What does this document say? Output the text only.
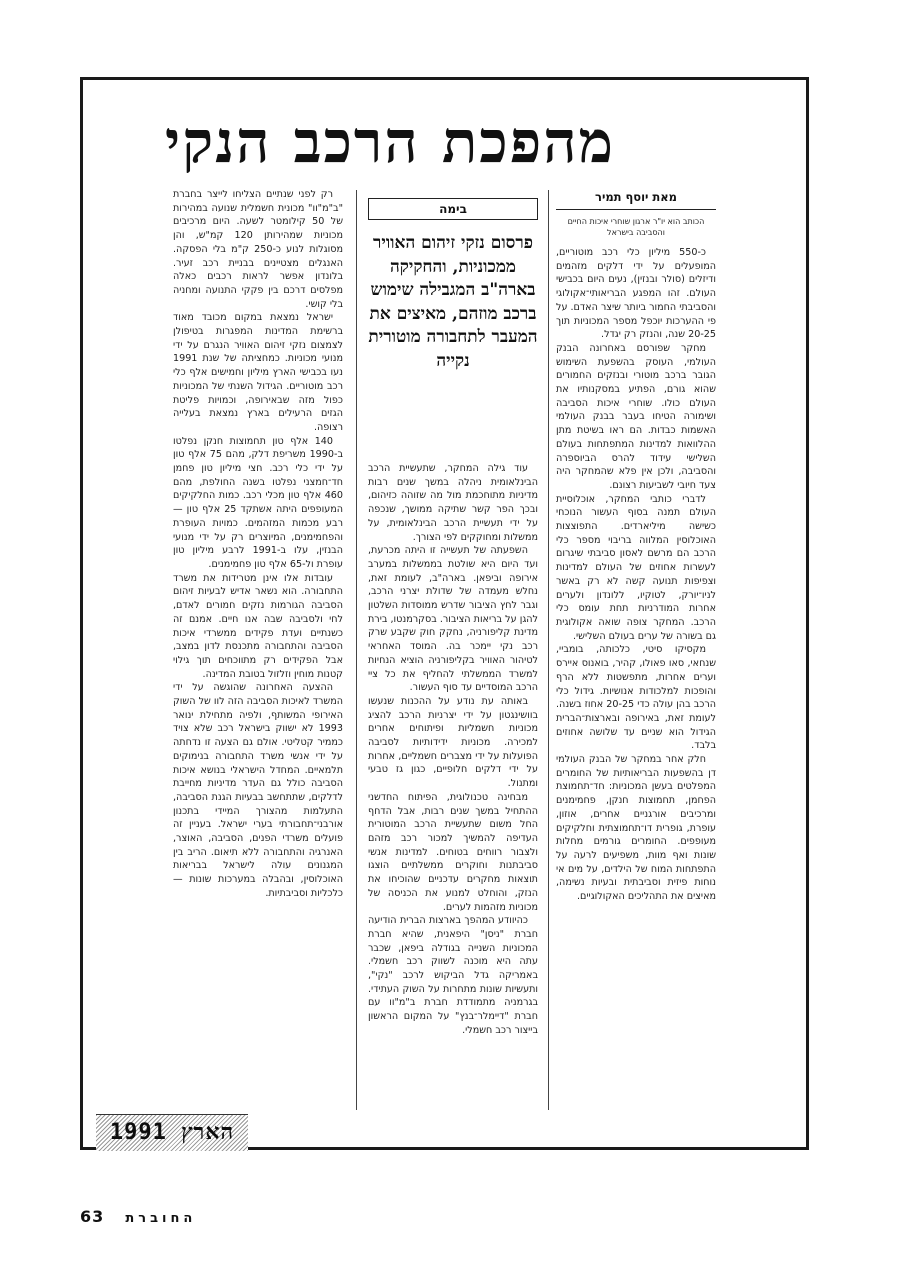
מהפכת הרכב הנקי
מאת יוסף תמיר
הכותב הוא יו"ר ארגון שוחרי איכות החיים והסביבה בישראל
בימה
פרסום נזקי זיהום האוויר ממכוניות, והחקיקה בארה"ב המגבילה שימוש ברכב מוזהם, מאיצים את המעבר לתחבורה מוטורית נקייה

כ-550 מיליון כלי רכב מוטוריים, המופעלים על ידי דלקים מזהמים ודיזלים (סולר ובנזין), נעים היום בכבישי העולם. זהו המפגע הבריאותי־אקולוגי והסביבתי החמור ביותר שיצר האדם. על פי ההערכות יוכפל מספר המכוניות תוך 20-25 שנה, והנזק רק יגדל.

מחקר שפורסם באחרונה הבנק העולמי, העוסק בהשפעת השימוש הגובר ברכב מוטורי ובנזקים החמורים שהוא גורם, הפתיע במסקנותיו את העולם כולו. שוחרי איכות הסביבה ושימורה הטיחו בעבר בבנק העולמי האשמות כבדות. הם ראו בשיטת מתן ההלוואות למדינות המתפתחות בעולם השלישי עידוד להרס הביוספרה והסביבה, ולכן אין פלא שהמחקר היה צעד חיובי לשביעות רצונם.

לדברי כותבי המחקר, אוכלוסיית העולם תמנה בסוף העשור הנוכחי כשישה מיליארדים. התפוצצות האוכלוסין המלווה בריבוי מספר כלי הרכב הם מרשם לאסון סביבתי שיגרום לעשרות אחוזים של העולם למדינות וצפיפות תנועה קשה לא רק באשר לניו־יורק, לטוקיו, ללונדון ולערים אחרות המודרניות תחת עומס כלי הרכב. המחקר צופה שואה אקולוגית גם בשורה של ערים בעולם השלישי.

מקסיקו סיטי, כלכותה, בומביי, שנחאי, סאו פאולו, קהיר, בואנוס איירס וערים אחרות, מתפשטות ללא הרף והופכות למלכודות אנושיות. גידול כלי הרכב בהן עולה כדי 20-25 אחוז בשנה. לעומת זאת, באירופה ובארצות־הברית הגידול הוא שניים עד שלושה אחוזים בלבד.

חלק אחר במחקר של הבנק העולמי דן בהשפעות הבריאותיות של החומרים המפלטים בעשן המכוניות: חד־תחמוצת הפחמן, תחמוצות חנקן, פחמימנים ומרכיבים אורגניים אחרים, אוזון, עופרת, גופרית דו־תחמוצתית וחלקיקים מעופפים. החומרים גורמים מחלות שונות ואף מוות, משפיעים לרעה על התפתחות המוח של הילדים, על מים אי נוחות פיזית וסביבתית ובעיות נשימה, מאיצים את התהליכים האקולוגיים.

עוד גילה המחקר, שתעשיית הרכב הבינלאומית ניהלה במשך שנים רבות מדיניות מתוחכמת מול מה שזוהה כזיהום, ובכך הפר קשר שתיקה ממושך, שנכפה על ידי תעשיית הרכב הבינלאומית, על ממשלות ומחוקקים לפי הצורך.

השפעתה של תעשייה זו היתה מכרעת, ועד היום היא שולטת בממשלות במערב אירופה וביפאן. בארה"ב, לעומת זאת, נחלש מעמדה של שדולת יצרני הרכב, וגבר לחץ הציבור שדרש ממוסדות השלטון להגן על בריאות הציבור. בסקרמנטו, בירת מדינת קליפורניה, נחקק חוק שקבע שרק רכב נקי יימכר בה. המוסד האחראי לטיהור האוויר בקליפורניה הוציא הנחיות למשרד הממשלתי להחליף את כל ציי הרכב המוסדיים עד סוף העשור.

באותה עת נודע על ההכנות שנעשו בוושינגטון על ידי יצרניות הרכב להציג מכוניות חשמליות ופיתוחים אחרים למכירה. מכוניות ידידותיות לסביבה הפועלות על ידי מצברים חשמליים, אחרות על ידי דלקים חלופיים, כגון גז טבעי ומתנול.

מבחינה טכנולוגית, הפיתוח החדשני ההתחיל במשך שנים רבות, אבל הדחף החל משום שתעשיית הרכב המוטורית העדיפה להמשיך למכור רכב מזהם ולצבור רווחים בטוחים. למדינות אנשי סביבתנות וחוקרים ממשלתיים הוצגו תוצאות מחקרים עדכניים שהוכיחו את הנזק, והוחלט למנוע את הכניסה של מכוניות מזהמות לערים.

כהיוודע המהפך בארצות הברית הודיעה חברת "ניסן" היפאנית, שהיא חברת המכוניות השנייה בגודלה ביפאן, שכבר עתה היא מוכנה לשווק רכב חשמלי. באמריקה גדל הביקוש לרכב "נקי", ותעשיות שונות מתחרות על השוק העתידי. בגרמניה מתמודדת חברת ב"מ"וו עם חברת "דיימלר־בנץ" על המקום הראשון בייצור רכב חשמלי.

רק לפני שנתיים הצליחו לייצר בחברת "ב"מ"וו" מכונית חשמלית שנועה במהירות של 50 קילומטר לשעה. היום מרכיבים מכוניות שמהירותן 120 קמ"ש, והן מסוגלות לנוע כ-250 ק"מ בלי הפסקה. האנגלים מצטיינים בבניית רכב זעיר. בלונדון אפשר לראות רכבים כאלה מפלסים דרכם בין פקקי התנועה ומחניה בלי קושי.

ישראל נמצאת במקום מכובד מאוד ברשימת המדינות המפגרות בטיפולן לצמצום נזקי זיהום האוויר הנגרם על ידי מנועי מכוניות. כמחציתה של שנת 1991 נעו בכבישי הארץ מיליון וחמישים אלף כלי רכב מוטוריים. הגידול השנתי של המכוניות כפול מזה שבאירופה, וכמויות פליטת הגזים הרעילים בארץ נמצאת בעלייה רצופה.

140 אלף טון תחמוצות חנקן נפלטו ב-1990 משריפת דלק, מהם 75 אלף טון על ידי כלי רכב. חצי מיליון טון פחמן חד־חמצני נפלטו בשנה החולפת, מהם 460 אלף טון מכלי רכב. כמות החלקיקים המעופפים היתה אשתקד 25 אלף טון — רבע מכמות המזהמים. כמויות העופרת והפחמימנים, המיוצרים רק על ידי מנועי הבנזין, עלו ב-1991 לרבע מיליון טון עופרת ול-65 אלף טון פחמימנים.

עובדות אלו אינן מטרידות את משרד התחבורה. הוא נשאר אדיש לבעיות זיהום הסביבה הגורמות נזקים חמורים לאדם, לחי ולסביבה שבה אנו חיים. אמנם זה כשנתיים ועדת פקידים ממשרדי איכות הסביבה והתחבורה מתכנסת לדון במצב, אבל הפקידים רק מתווכחים תוך גילוי קטנות מוחין וזלזול בטובת המדינה.

ההצעה האחרונה שהוגשה על ידי המשרד לאיכות הסביבה הזה לוו של השוק האירופי המשותף, ולפיה מתחילת ינואר 1993 לא ישווק בישראל רכב שלא צויד כממיר קטליטי. אולם גם הצעה זו נדחתה על ידי אנשי משרד התחבורה בנימוקים תלמאיים. המחדל הישראלי בנושא איכות הסביבה כולל גם העדר מדיניות מחייבת לדלקים, שתתחשב בבעיות הגנת הסביבה, התעלמות מהצורך המיידי בתכנון אורבני־תחבורתי בערי ישראל. בעניין זה פועלים משרדי הפנים, הסביבה, האוצר, האנרגיה והתחבורה ללא תיאום. הריב בין המגנונים עולה לישראל בבריאות האוכלוסין, ובהבלה במערכות שונות — כלכליות וסביבתיות.

הארץ 1991
63 החוברת
